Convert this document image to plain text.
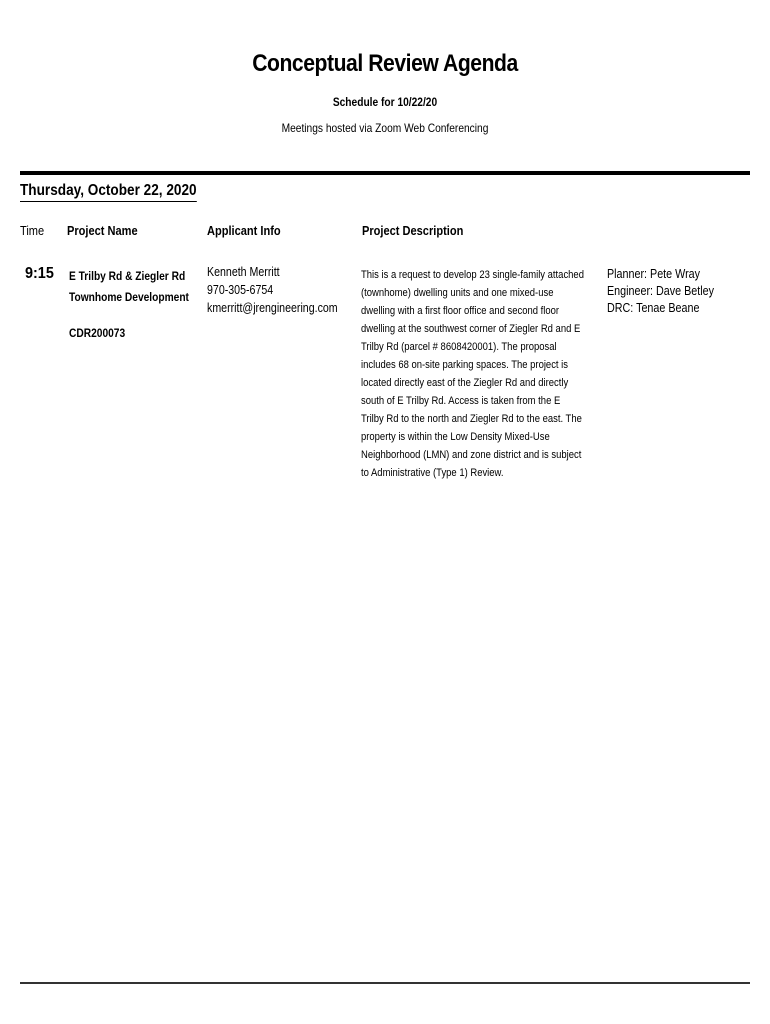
Conceptual Review Agenda
Schedule for 10/22/20
Meetings hosted via Zoom Web Conferencing
Thursday, October 22, 2020
Time Project Name	Applicant Info	Project Description
9:15 E Trilby Rd & Ziegler Rd
Townhome Development
CDR200073
Kenneth Merritt
970-305-6754
kmerritt@jrengineering.com
This is a request to develop 23 single-family attached
(townhome) dwelling units and one mixed-use
dwelling with a first floor office and second floor
dwelling at the southwest corner of Ziegler Rd and E
Trilby Rd (parcel # 8608420001). The proposal
includes 68 on-site parking spaces. The project is
located directly east of the Ziegler Rd and directly
south of E Trilby Rd. Access is taken from the E
Trilby Rd to the north and Ziegler Rd to the east. The
property is within the Low Density Mixed-Use
Neighborhood (LMN) and zone district and is subject
to Administrative (Type 1) Review.
Planner: Pete Wray
Engineer: Dave Betley
DRC: Tenae Beane
